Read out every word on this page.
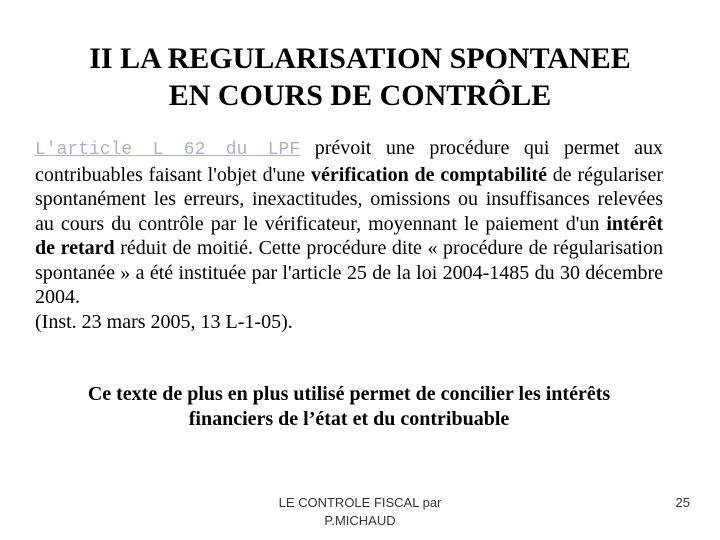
II LA REGULARISATION SPONTANEE
EN COURS DE CONTRÔLE
L'article L 62 du LPF prévoit une procédure qui permet aux contribuables faisant l'objet d'une vérification de comptabilité de régulariser spontanément les erreurs, inexactitudes, omissions ou insuffisances relevées au cours du contrôle par le vérificateur, moyennant le paiement d'un intérêt de retard réduit de moitié. Cette procédure dite « procédure de régularisation spontanée » a été instituée par l'article 25 de la loi 2004-1485 du 30 décembre 2004.
(Inst. 23 mars 2005, 13 L-1-05).
Ce texte de plus en plus utilisé permet de concilier les intérêts
financiers de l’état et du contribuable
LE CONTROLE FISCAL par
P.MICHAUD
25
